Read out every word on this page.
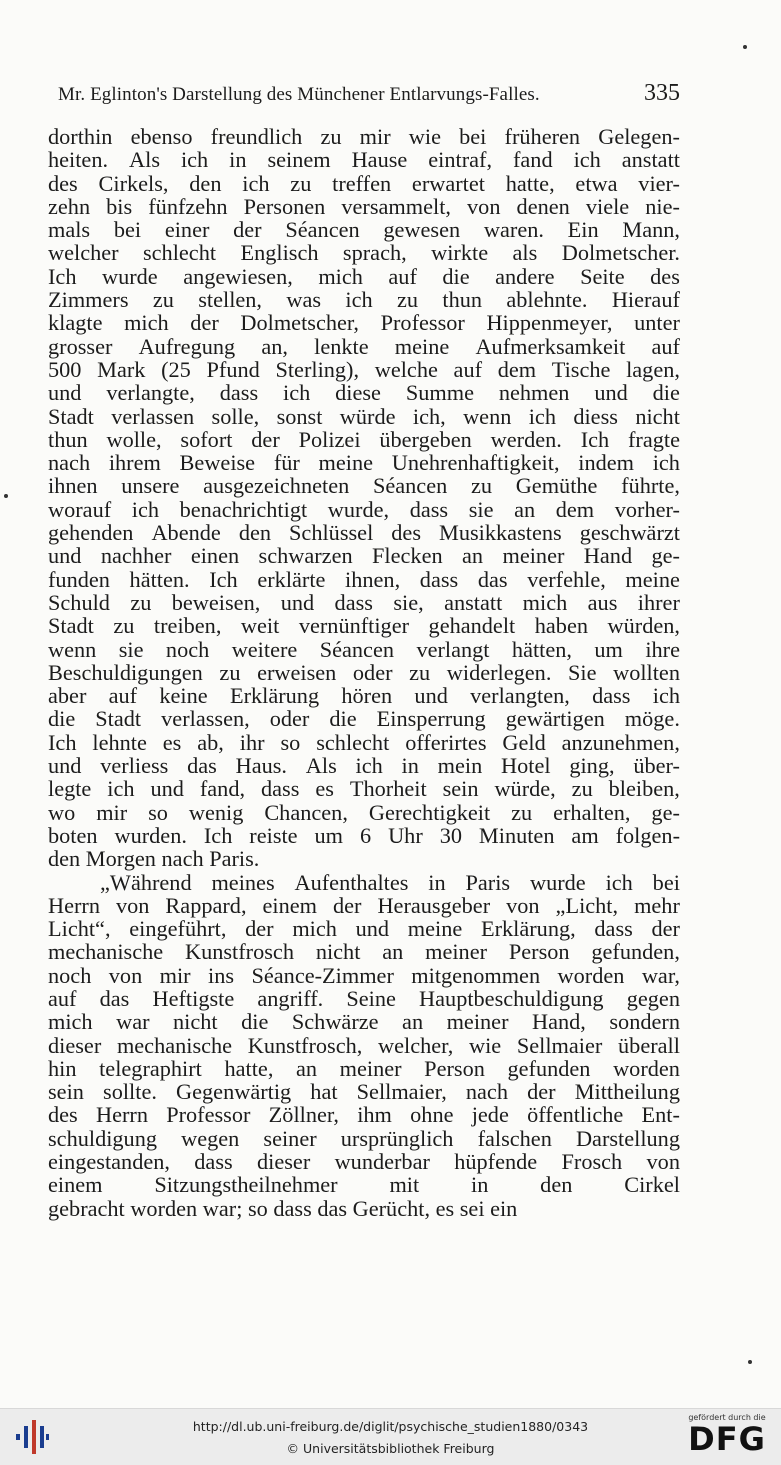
Mr. Eglinton's Darstellung des Münchener Entlarvungs-Falles.	335
dorthin ebenso freundlich zu mir wie bei früheren Gelegen-
heiten. Als ich in seinem Hause eintraf, fand ich anstatt
des Cirkels, den ich zu treffen erwartet hatte, etwa vier-
zehn bis fünfzehn Personen versammelt, von denen viele nie-
mals bei einer der Séancen gewesen waren. Ein Mann,
welcher schlecht Englisch sprach, wirkte als Dolmetscher.
Ich wurde angewiesen, mich auf die andere Seite des
Zimmers zu stellen, was ich zu thun ablehnte. Hierauf
klagte mich der Dolmetscher, Professor Hippenmeyer, unter
grosser Aufregung an, lenkte meine Aufmerksamkeit auf
500 Mark (25 Pfund Sterling), welche auf dem Tische lagen,
und verlangte, dass ich diese Summe nehmen und die
Stadt verlassen solle, sonst würde ich, wenn ich diess nicht
thun wolle, sofort der Polizei übergeben werden. Ich fragte
nach ihrem Beweise für meine Unehrenhaftigkeit, indem ich
ihnen unsere ausgezeichneten Séancen zu Gemüthe führte,
worauf ich benachrichtigt wurde, dass sie an dem vorher-
gehenden Abende den Schlüssel des Musikkastens geschwärzt
und nachher einen schwarzen Flecken an meiner Hand ge-
funden hätten. Ich erklärte ihnen, dass das verfehle, meine
Schuld zu beweisen, und dass sie, anstatt mich aus ihrer
Stadt zu treiben, weit vernünftiger gehandelt haben würden,
wenn sie noch weitere Séancen verlangt hätten, um ihre
Beschuldigungen zu erweisen oder zu widerlegen. Sie wollten
aber auf keine Erklärung hören und verlangten, dass ich
die Stadt verlassen, oder die Einsperrung gewärtigen möge.
Ich lehnte es ab, ihr so schlecht offerirtes Geld anzunehmen,
und verliess das Haus. Als ich in mein Hotel ging, über-
legte ich und fand, dass es Thorheit sein würde, zu bleiben,
wo mir so wenig Chancen, Gerechtigkeit zu erhalten, ge-
boten wurden. Ich reiste um 6 Uhr 30 Minuten am folgen-
den Morgen nach Paris.
„Während meines Aufenthaltes in Paris wurde ich bei
Herrn von Rappard, einem der Herausgeber von „Licht, mehr
Licht“, eingeführt, der mich und meine Erklärung, dass der
mechanische Kunstfrosch nicht an meiner Person gefunden,
noch von mir ins Séance-Zimmer mitgenommen worden war,
auf das Heftigste angriff. Seine Hauptbeschuldigung gegen
mich war nicht die Schwärze an meiner Hand, sondern
dieser mechanische Kunstfrosch, welcher, wie Sellmaier überall
hin telegraphirt hatte, an meiner Person gefunden worden
sein sollte. Gegenwärtig hat Sellmaier, nach der Mittheilung
des Herrn Professor Zöllner, ihm ohne jede öffentliche Ent-
schuldigung wegen seiner ursprünglich falschen Darstellung
eingestanden, dass dieser wunderbar hüpfende Frosch von
einem Sitzungstheilnehmer mit in den Cirkel
gebracht worden war; so dass das Gerücht, es sei ein
http://dl.ub.uni-freiburg.de/diglit/psychische_studien1880/0343
© Universitätsbibliothek Freiburg
gefördert durch die
DFG
